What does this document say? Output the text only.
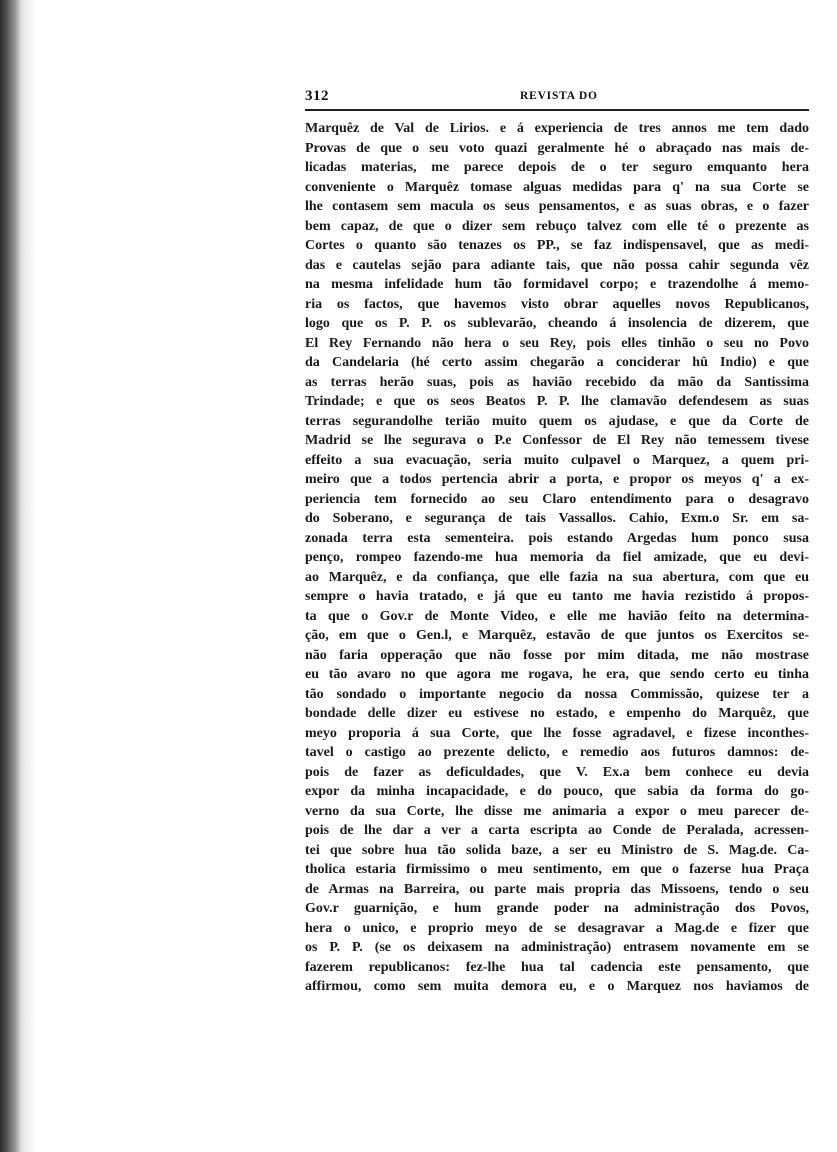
312	REVISTA DO
Marquêz de Val de Lirios. e á experiencia de tres annos me tem dado
Provas de que o seu voto quazi geralmente hé o abraçado nas mais de-
licadas materias, me parece depois de o ter seguro emquanto hera
conveniente o Marquêz tomase alguas medidas para q' na sua Corte se
lhe contasem sem macula os seus pensamentos, e as suas obras, e o fazer
bem capaz, de que o dizer sem rebuço talvez com elle té o prezente as
Cortes o quanto são tenazes os PP., se faz indispensavel, que as medi-
das e cautelas sejão para adiante tais, que não possa cahir segunda vêz
na mesma infelidade hum tão formidavel corpo; e trazendolhe á memo-
ria os factos, que havemos visto obrar aquelles novos Republicanos,
logo que os P. P. os sublevarão, cheando á insolencia de dizerem, que
El Rey Fernando não hera o seu Rey, pois elles tinhão o seu no Povo
da Candelaria (hé certo assim chegarão a conciderar hû Indio) e que
as terras herão suas, pois as havião recebido da mão da Santissima
Trindade; e que os seos Beatos P. P. lhe clamavão defendesem as suas
terras segurandolhe terião muito quem os ajudase, e que da Corte de
Madrid se lhe segurava o P.e Confessor de El Rey não temessem tivese
effeito a sua evacuação, seria muito culpavel o Marquez, a quem pri-
meiro que a todos pertencia abrir a porta, e propor os meyos q' a ex-
periencia tem fornecido ao seu Claro entendimento para o desagravo
do Soberano, e segurança de tais Vassallos. Cahio, Exm.o Sr. em sa-
zonada terra esta sementeira. pois estando Argedas hum ponco susa
penço, rompeo fazendo-me hua memoria da fiel amizade, que eu devi-
ao Marquêz, e da confiança, que elle fazia na sua abertura, com que eu
sempre o havia tratado, e já que eu tanto me havia rezistido á propos-
ta que o Gov.r de Monte Video, e elle me havião feito na determina-
ção, em que o Gen.l, e Marquêz, estavão de que juntos os Exercitos se-
não faria opperação que não fosse por mim ditada, me não mostrase
eu tão avaro no que agora me rogava, he era, que sendo certo eu tinha
tão sondado o importante negocio da nossa Commissão, quizese ter a
bondade delle dizer eu estivese no estado, e empenho do Marquêz, que
meyo proporia á sua Corte, que lhe fosse agradavel, e fizese inconthes-
tavel o castigo ao prezente delicto, e remedio aos futuros damnos: de-
pois de fazer as deficuldades, que V. Ex.a bem conhece eu devia
expor da minha incapacidade, e do pouco, que sabia da forma do go-
verno da sua Corte, lhe disse me animaria a expor o meu parecer de-
pois de lhe dar a ver a carta escripta ao Conde de Peralada, acressen-
tei que sobre hua tão solida baze, a ser eu Ministro de S. Mag.de. Ca-
tholica estaria firmissimo o meu sentimento, em que o fazerse hua Praça
de Armas na Barreira, ou parte mais propria das Missoens, tendo o seu
Gov.r guarnição, e hum grande poder na administração dos Povos,
hera o unico, e proprio meyo de se desagravar a Mag.de e fizer que
os P. P. (se os deixasem na administração) entrasem novamente em se
fazerem republicanos: fez-lhe hua tal cadencia este pensamento, que
affirmou, como sem muita demora eu, e o Marquez nos haviamos de
